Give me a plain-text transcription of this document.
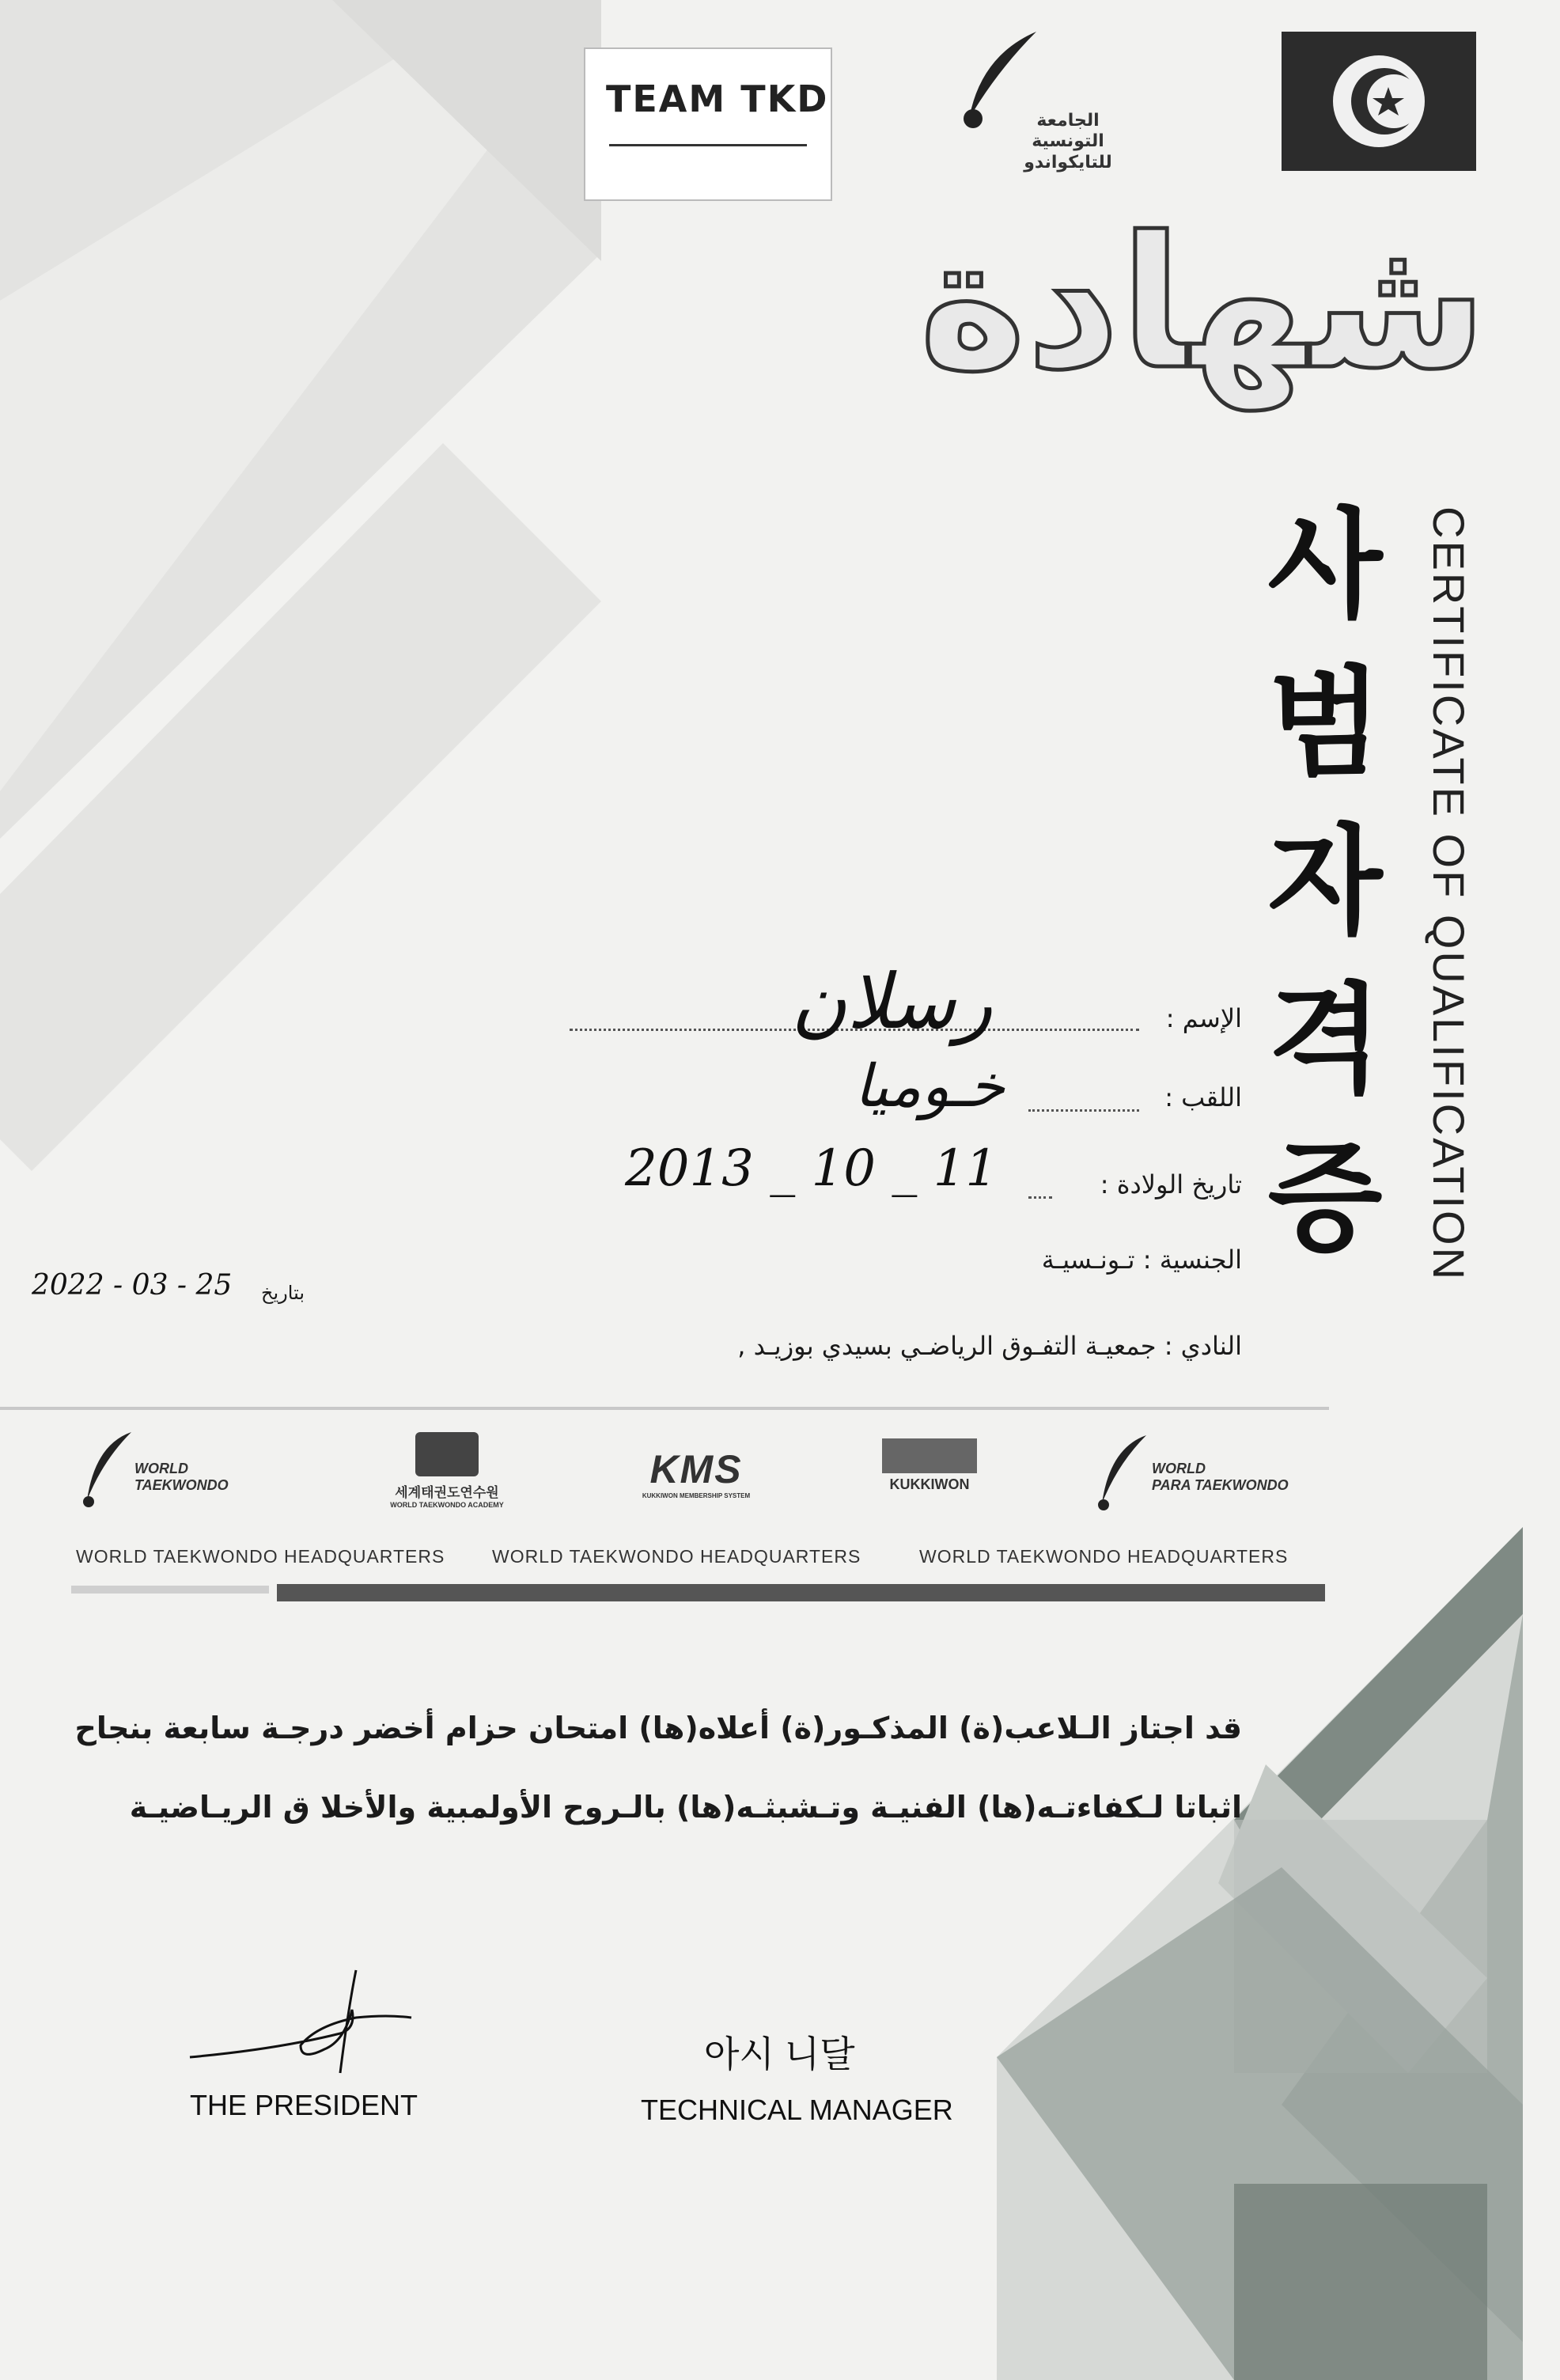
TEAM TKD
الجامعة
التونسية
للتايكواندو
شهادة
사
범
자
격
증 CERTIFICATE OF QUALIFICATION
الإسم :
رسلان
اللقب :
خـوميا
تاريخ الولادة :
2013 _ 10 _ 11
الجنسية : تـونـسيـة
النادي : جمعيـة التفـوق الرياضـي بسيدي بوزيـد ,
2022 - 03 - 25 بتاريخ
WORLD
TAEKWONDO	세계태권도연수원
WORLD TAEKWONDO ACADEMY
KMS
KUKKIWON MEMBERSHIP SYSTEM
KUKKIWON
WORLD
PARA TAEKWONDO
WORLD TAEKWONDO HEADQUARTERS	WORLD TAEKWONDO HEADQUARTERS	WORLD TAEKWONDO HEADQUARTERS
قد اجتاز الـلاعب(ة) المذكـور(ة) أعلاه(ها) امتحان حزام أخضر درجـة سابعة بنجاح
اثباتا لـكفاءتـه(ها) الفنيـة وتـشبثـه(ها) بالـروح الأولمبية والأخلا ق الريـاضيـة
THE PRESIDENT
아시 니달
TECHNICAL MANAGER
